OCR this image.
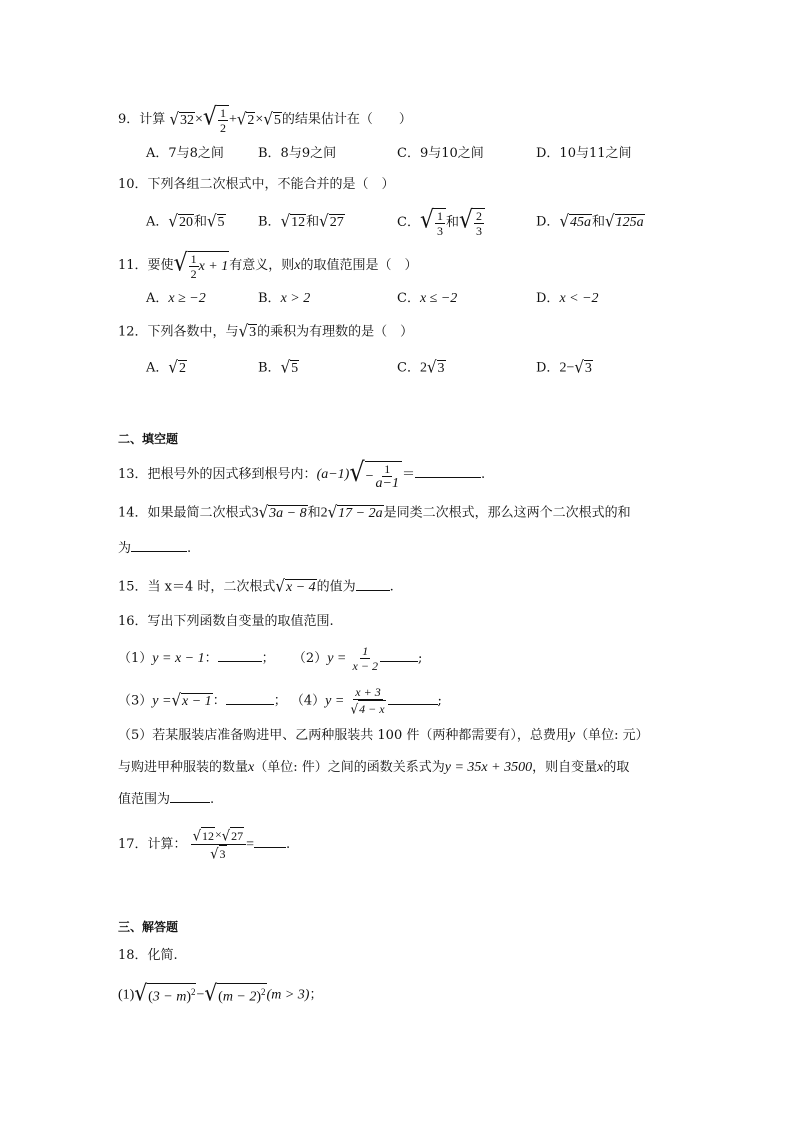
9．计算 $√32\times√ \frac{1}{2} +√2\times√5$的结果估计在（　　）
A．7与8之间	B．8与9之间	C．9与10之间	D．10与11之间
10．下列各组二次根式中，不能合并的是（　）
A．√20和√5	B．√12和√27	C．√ $\frac{1}{3}$ 和√ $\frac{2}{3}$	D．√45a和√125a
11．要使√ $\frac{1}{2}$ x + 1有意义，则x的取值范围是（　）
A．x ≥ −2	B．x > 2	C．x ≤ −2	D．x < −2
12．下列各数中，与√3的乘积为有理数的是（　）
A．√2	B．√5	C．2√3	D．2−√3
二、填空题
13．把根号外的因式移到根号内：$(a-1)√- \frac{1}{a-1}$ ＝	.
14．如果最简二次根式3√3a − 8和2√17 − 2a是同类二次根式，那么这两个二次根式的和
为	.
15．当 x＝4 时，二次根式√x − 4的值为	.
16．写出下列函数自变量的取值范围.
（1）y = x − 1：	； $(2)y = \frac{1}{x - 2}$	;
（3）y =√x − 1：	； $(4)y = \frac{x + 3}{√4 - x}$	;
（5）若某服装店准备购进甲、乙两种服装共 100 件（两种都需要有），总费用y（单位: 元）
与购进甲种服装的数量x（单位: 件）之间的函数关系式为y = 35x + 3500，则自变量x的取
值范围为	.
17．计算： $\frac{√12\times√27}{√3}$ = .
三、解答题
18．化简.
$(1)√(3 - m)^2-√(m - 2)^2(m > 3)$；
